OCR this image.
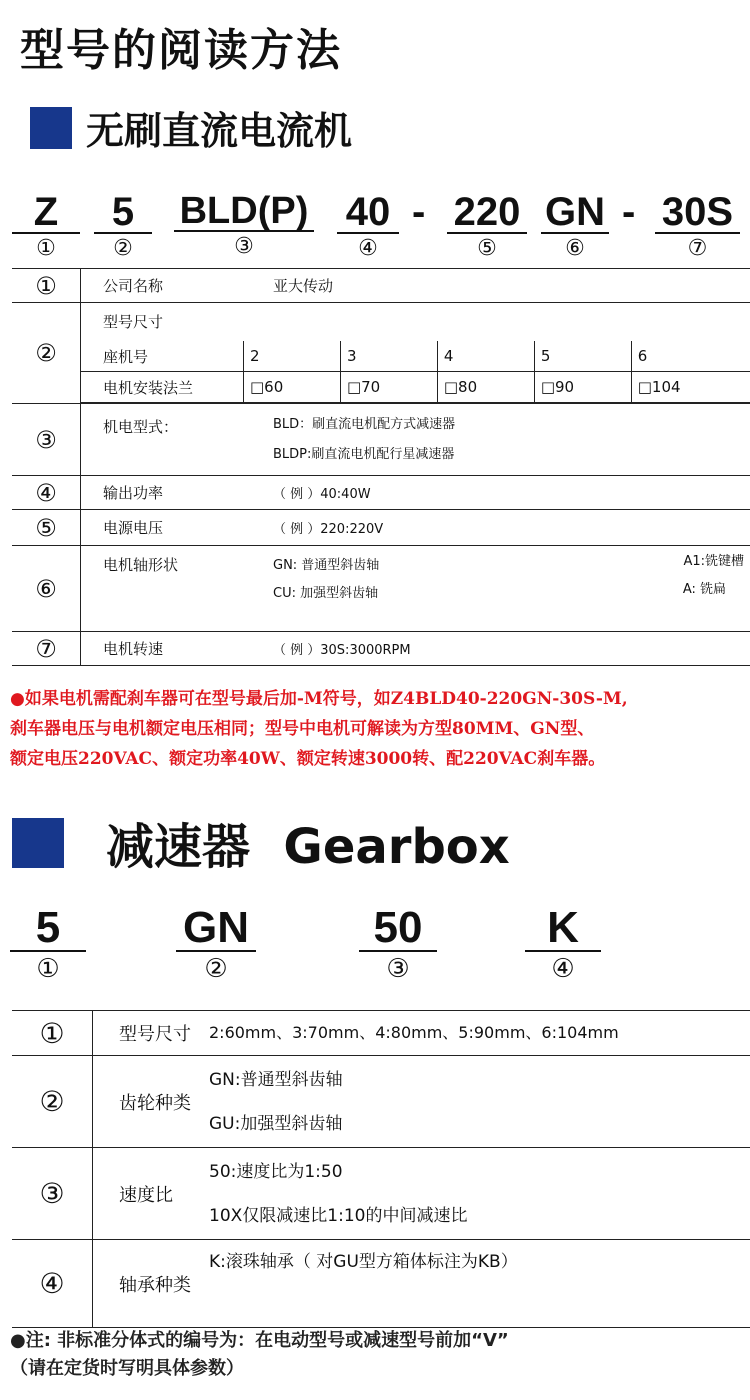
型号的阅读方法
无刷直流电流机
Z
①
5
②
BLD(P)
③
40
④
- 220
⑤
GN
⑥
- 30S
⑦
①	公司名称	亚大传动
②	
型号尺寸
座机号	2	3	4	5	6
电机安装法兰	□60	□70	□80	□90	□104

③	机电型式：	BLD：刷直流电机配方式减速器
BLDP:刷直流电机配行星减速器

④	输出功率	（ 例 ）40:40W
⑤	电源电压	（ 例 ）220:220V
⑥	电机轴形状	GN: 普通型斜齿轴
CU: 加强型斜齿轴
A1:铣键槽
A: 铣扁

⑦	电机转速	（ 例 ）30S:3000RPM
●如果电机需配刹车器可在型号最后加-M符号，如Z4BLD40-220GN-30S-M,
刹车器电压与电机额定电压相同；型号中电机可解读为方型80MM、GN型、
额定电压220VAC、额定功率40W、额定转速3000转、配220VAC刹车器。
减速器  Gearbox
5
①
GN
②
50
③
K
④
①	型号尺寸	2:60mm、3:70mm、4:80mm、5:90mm、6:104mm
②	齿轮种类	GN:普通型斜齿轴
GU:加强型斜齿轴

③	速度比	50:速度比为1:50
10X仅限减速比1:10的中间减速比

④	轴承种类	K:滚珠轴承（ 对GU型方箱体标注为KB）
●注: 非标准分体式的编号为：在电动型号或减速型号前加“V”
（请在定货时写明具体参数）
